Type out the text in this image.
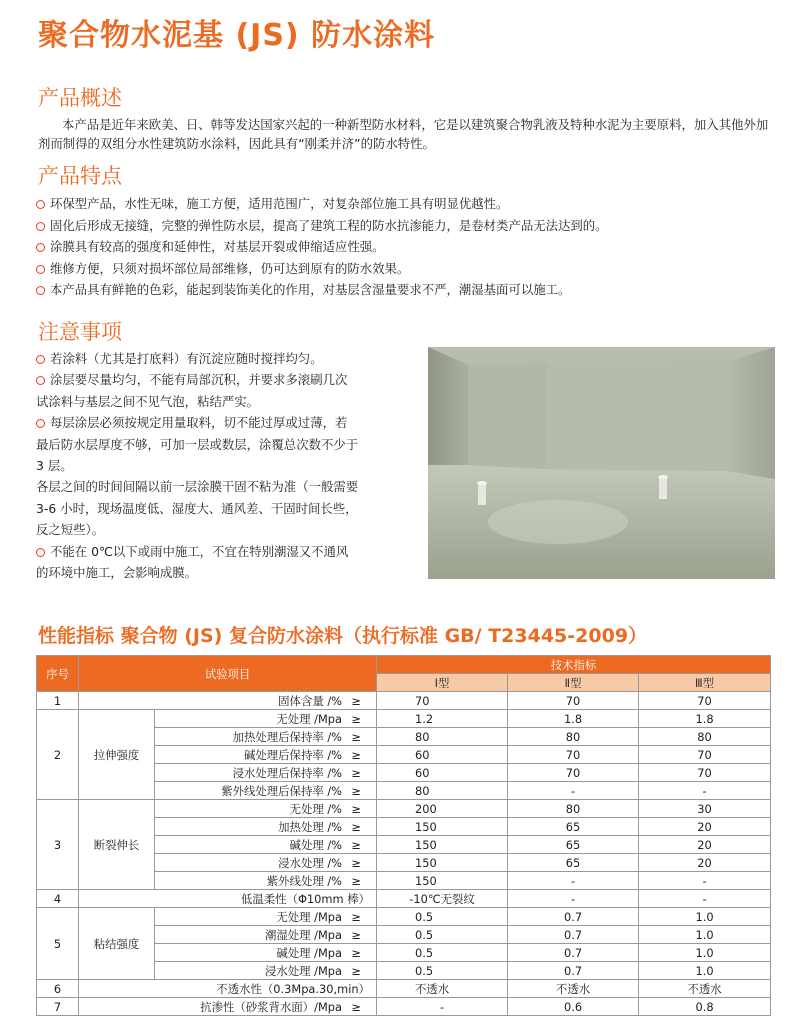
聚合物水泥基 (JS) 防水涂料
产品概述
本产品是近年来欧美、日、韩等发达国家兴起的一种新型防水材料，它是以建筑聚合物乳液及特种水泥为主要原料，加入其他外加剂而制得的双组分水性建筑防水涂料，因此具有“刚柔并济”的防水特性。
产品特点
环保型产品，水性无味，施工方便，适用范围广，对复杂部位施工具有明显优越性。
固化后形成无接缝，完整的弹性防水层，提高了建筑工程的防水抗渗能力，是卷材类产品无法达到的。
涂膜具有较高的强度和延伸性，对基层开裂或伸缩适应性强。
维修方便，只须对损坏部位局部维修，仍可达到原有的防水效果。
本产品具有鲜艳的色彩，能起到装饰美化的作用，对基层含湿量要求不严，潮湿基面可以施工。
注意事项
若涂料（尤其是打底料）有沉淀应随时搅拌均匀。
涂层要尽量均匀，不能有局部沉积，并要求多滚刷几次
试涂料与基层之间不见气泡，粘结严实。
每层涂层必须按规定用量取料，切不能过厚或过薄，若
最后防水层厚度不够，可加一层或数层，涂覆总次数不少于
3 层。
各层之间的时间间隔以前一层涂膜干固不粘为准（一般需要
3-6 小时，现场温度低、湿度大、通风差、干固时间长些，
反之短些）。
不能在 0℃以下或雨中施工，不宜在特别潮湿又不通风
的环境中施工，会影响成膜。
性能指标 聚合物 (JS) 复合防水涂料（执行标准 GB/ T23445-2009）
序号	试验项目		技术指标		
			Ⅰ型	Ⅱ型	Ⅲ型
1	固体含量 /% ≥		70	70	70
2	拉伸强度	无处理 /Mpa ≥	1.2	1.8	1.8
		加热处理后保持率 /% ≥	80	80	80
		碱处理后保持率 /% ≥	60	70	70
		浸水处理后保持率 /% ≥	60	70	70
		紫外线处理后保持率 /% ≥	80	-	-
3	断裂伸长	无处理 /% ≥	200	80	30
		加热处理 /% ≥	150	65	20
		碱处理 /% ≥	150	65	20
		浸水处理 /% ≥	150	65	20
		紫外线处理 /% ≥	150	-	-
4	低温柔性（Φ10mm 棒）		-10℃无裂纹	-	-
5	粘结强度	无处理 /Mpa ≥	0.5	0.7	1.0
		潮湿处理 /Mpa ≥	0.5	0.7	1.0
		碱处理 /Mpa ≥	0.5	0.7	1.0
		浸水处理 /Mpa ≥	0.5	0.7	1.0
6	不透水性（0.3Mpa.30,min）		不透水	不透水	不透水
7	抗渗性（砂浆背水面）/Mpa ≥		-	0.6	0.8
